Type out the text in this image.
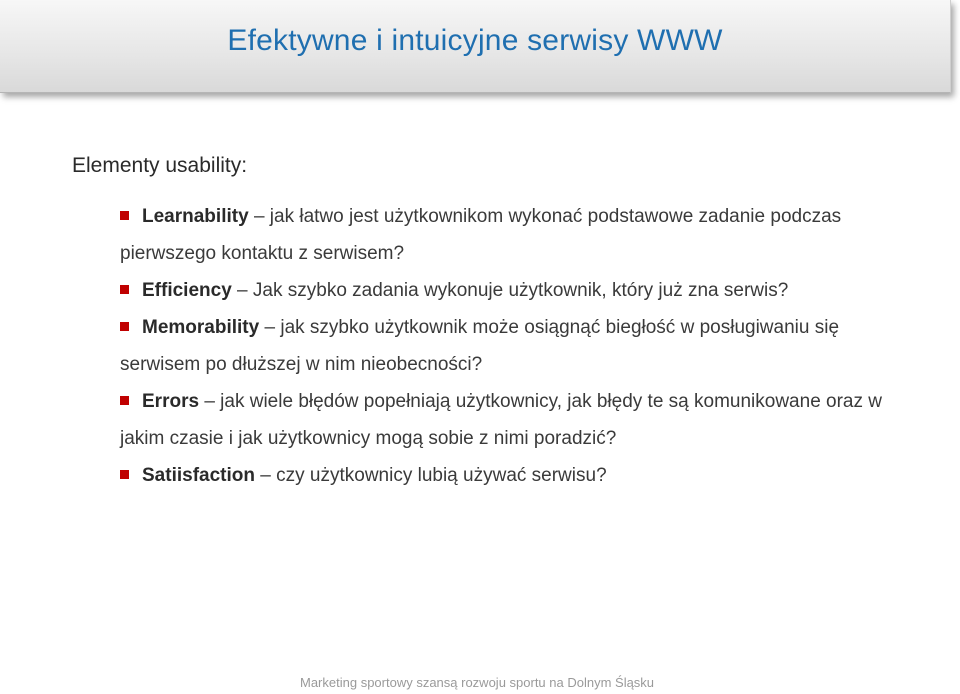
Efektywne i intuicyjne serwisy WWW
Elementy usability:
Learnability – jak łatwo jest użytkownikom wykonać podstawowe zadanie podczas pierwszego kontaktu z serwisem?
Efficiency – Jak szybko zadania wykonuje użytkownik, który już zna serwis?
Memorability – jak szybko użytkownik może osiągnąć biegłość w posługiwaniu się serwisem po dłuższej w nim nieobecności?
Errors – jak wiele błędów popełniają użytkownicy, jak błędy te są komunikowane oraz w jakim czasie i jak użytkownicy mogą sobie z nimi poradzić?
Satiisfaction – czy użytkownicy lubią używać serwisu?
Marketing sportowy szansą rozwoju sportu na Dolnym Śląsku
